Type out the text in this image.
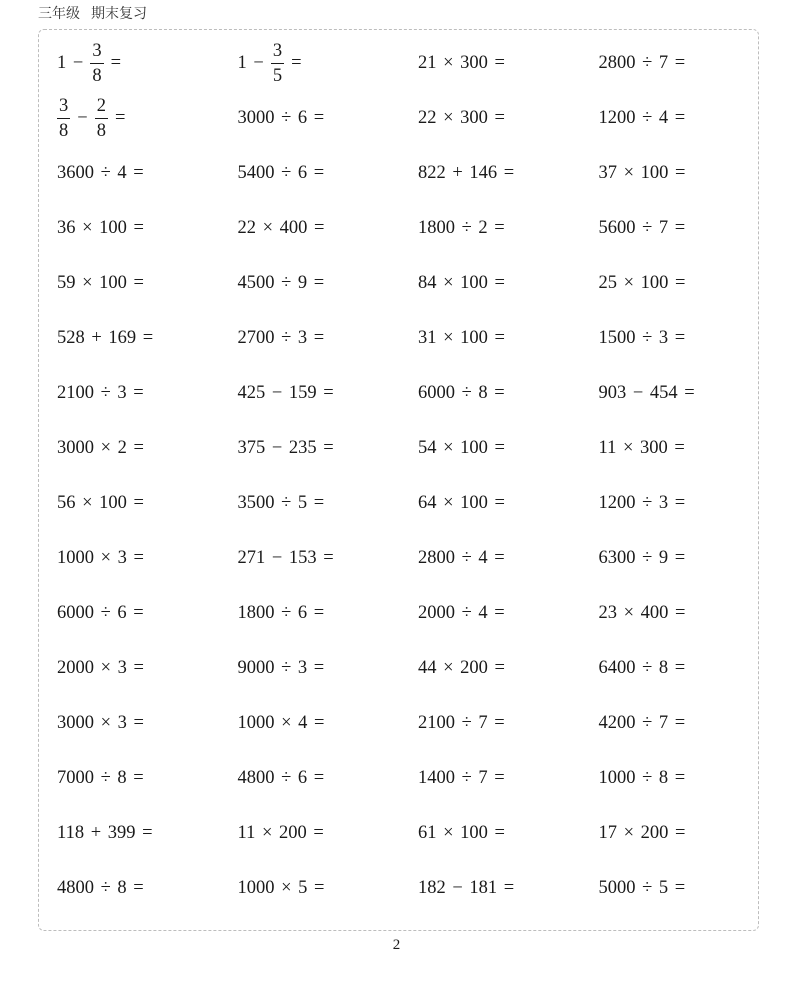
三年级 期末复习
$1 - \frac{3}{8}$ =	$1 - \frac{3}{5}$ =	21 × 300 =	2800 ÷ 7 =
$\frac{3}{8} - \frac{2}{8}$ =	3000 ÷ 6 =	22 × 300 =	1200 ÷ 4 =
3600 ÷ 4 =	5400 ÷ 6 =	822 + 146 =	37 × 100 =
36 × 100 =	22 × 400 =	1800 ÷ 2 =	5600 ÷ 7 =
59 × 100 =	4500 ÷ 9 =	84 × 100 =	25 × 100 =
528 + 169 =	2700 ÷ 3 =	31 × 100 =	1500 ÷ 3 =
2100 ÷ 3 =	425 − 159 =	6000 ÷ 8 =	903 − 454 =
3000 × 2 =	375 − 235 =	54 × 100 =	11 × 300 =
56 × 100 =	3500 ÷ 5 =	64 × 100 =	1200 ÷ 3 =
1000 × 3 =	271 − 153 =	2800 ÷ 4 =	6300 ÷ 9 =
6000 ÷ 6 =	1800 ÷ 6 =	2000 ÷ 4 =	23 × 400 =
2000 × 3 =	9000 ÷ 3 =	44 × 200 =	6400 ÷ 8 =
3000 × 3 =	1000 × 4 =	2100 ÷ 7 =	4200 ÷ 7 =
7000 ÷ 8 =	4800 ÷ 6 =	1400 ÷ 7 =	1000 ÷ 8 =
118 + 399 =	11 × 200 =	61 × 100 =	17 × 200 =
4800 ÷ 8 =	1000 × 5 =	182 − 181 =	5000 ÷ 5 =
2
